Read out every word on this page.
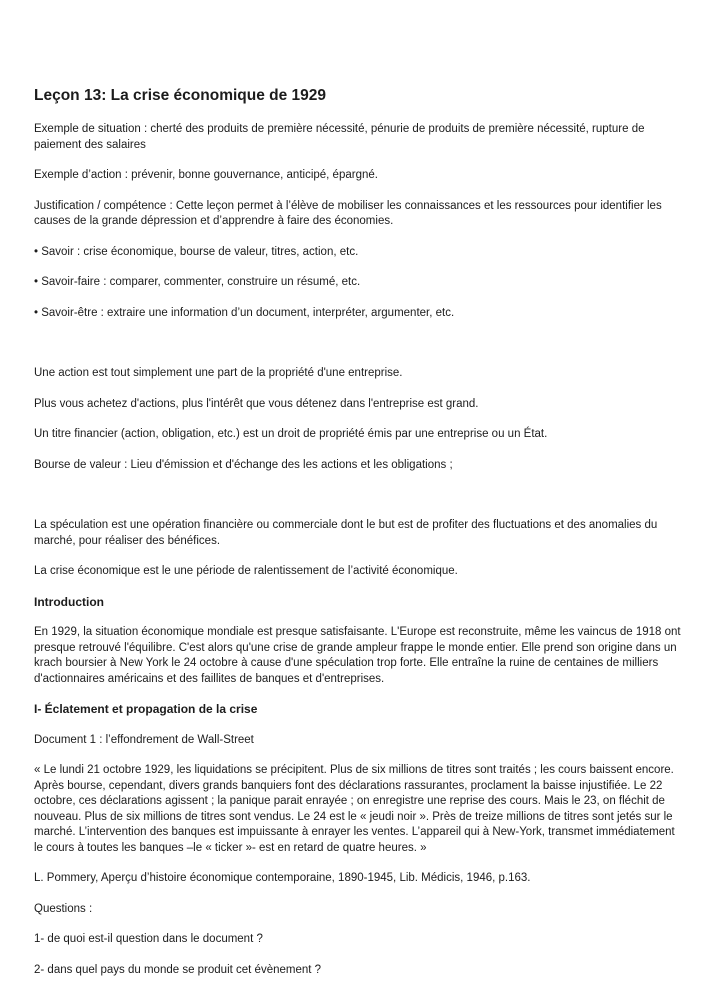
Leçon 13: La crise économique de 1929

Exemple de situation : cherté des produits de première nécessité, pénurie de produits de première nécessité, rupture de paiement des salaires

Exemple d’action : prévenir, bonne gouvernance, anticipé, épargné.

Justification / compétence : Cette leçon permet à l’élève de mobiliser les connaissances et les ressources pour identifier les causes de la grande dépression et d’apprendre à faire des économies.

• Savoir : crise économique, bourse de valeur, titres, action, etc.

• Savoir-faire : comparer, commenter, construire un résumé, etc.

• Savoir-être : extraire une information d’un document, interpréter, argumenter, etc.

Une action est tout simplement une part de la propriété d'une entreprise.

Plus vous achetez d'actions, plus l'intérêt que vous détenez dans l'entreprise est grand.

Un titre financier (action, obligation, etc.) est un droit de propriété émis par une entreprise ou un État.

Bourse de valeur : Lieu d'émission et d'échange des les actions et les obligations ;

La spéculation est une opération financière ou commerciale dont le but est de profiter des fluctuations et des anomalies du marché, pour réaliser des bénéfices.

La crise économique est le une période de ralentissement de l’activité économique.

Introduction

En 1929, la situation économique mondiale est presque satisfaisante. L'Europe est reconstruite, même les vaincus de 1918 ont presque retrouvé l'équilibre. C'est alors qu'une crise de grande ampleur frappe le monde entier. Elle prend son origine dans un krach boursier à New York le 24 octobre à cause d'une spéculation trop forte. Elle entraîne la ruine de centaines de milliers d'actionnaires américains et des faillites de banques et d'entreprises.

I- Éclatement et propagation de la crise

Document 1 : l’effondrement de Wall-Street

« Le lundi 21 octobre 1929, les liquidations se précipitent. Plus de six millions de titres sont traités ; les cours baissent encore. Après bourse, cependant, divers grands banquiers font des déclarations rassurantes, proclament la baisse injustifiée. Le 22 octobre, ces déclarations agissent ; la panique parait enrayée ; on enregistre une reprise des cours. Mais le 23, on fléchit de nouveau. Plus de six millions de titres sont vendus. Le 24 est le « jeudi noir ». Près de treize millions de titres sont jetés sur le marché. L’intervention des banques est impuissante à enrayer les ventes. L’appareil qui à New-York, transmet immédiatement le cours à toutes les banques –le « ticker »- est en retard de quatre heures. »

L. Pommery, Aperçu d’histoire économique contemporaine, 1890-1945, Lib. Médicis, 1946, p.163.

Questions :

1- de quoi est-il question dans le document ?

2- dans quel pays du monde se produit cet évènement ?
